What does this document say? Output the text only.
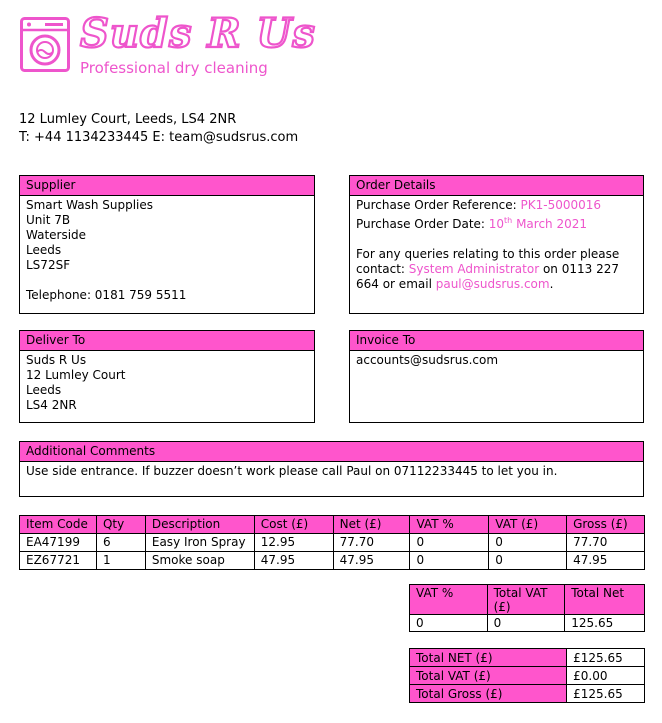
Suds R Us
Professional dry cleaning
12 Lumley Court, Leeds, LS4 2NR
T: +44 1134233445 E: team@sudsrus.com
Supplier
Smart Wash Supplies
Unit 7B
Waterside
Leeds
LS72SF
Telephone: 0181 759 5511
Order Details
Purchase Order Reference: PK1-5000016
Purchase Order Date: 10th March 2021
For any queries relating to this order please contact: System Administrator on 0113 227 664 or email paul@sudsrus.com.
Deliver To
Suds R Us
12 Lumley Court
Leeds
LS4 2NR
Invoice To
accounts@sudsrus.com
Additional Comments
Use side entrance. If buzzer doesn’t work please call Paul on 07112233445 to let you in.
Item Code	Qty	Description	Cost (£)	Net (£)	VAT %	VAT (£)	Gross (£)
EA47199	6	Easy Iron Spray	12.95	77.70	0	0	77.70
EZ67721	1	Smoke soap	47.95	47.95	0	0	47.95
VAT %	Total VAT (£)	Total Net
0	0	125.65
Total NET (£)	£125.65
Total VAT (£)	£0.00
Total Gross (£)	£125.65
